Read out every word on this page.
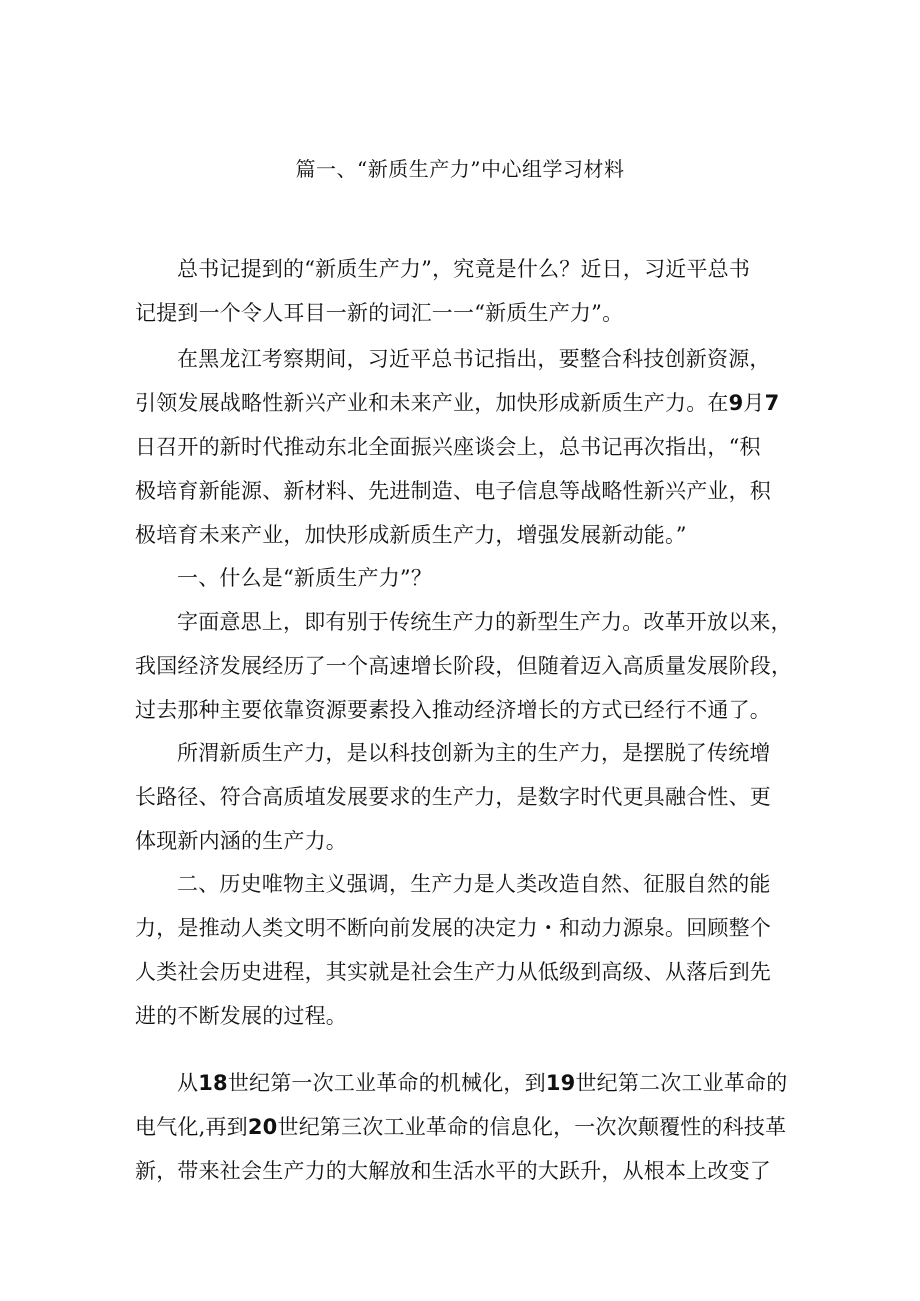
篇一、“新质生产力”中心组学习材料
总书记提到的“新质生产力”，究竟是什么？近日，习近平总书
记提到一个令人耳目一新的词汇一一“新质生产力”。
在黑龙江考察期间，习近平总书记指出，要整合科技创新资源，
引领发展战略性新兴产业和未来产业，加快形成新质生产力。在9月7
日召开的新时代推动东北全面振兴座谈会上，总书记再次指出，“积
极培育新能源、新材料、先进制造、电子信息等战略性新兴产业，积
极培育未来产业，加快形成新质生产力，增强发展新动能。”
一、什么是“新质生产力”？
字面意思上，即有别于传统生产力的新型生产力。改革开放以来，
我国经济发展经历了一个高速增长阶段，但随着迈入高质量发展阶段，
过去那种主要依靠资源要素投入推动经济增长的方式已经行不通了。
所渭新质生产力，是以科技创新为主的生产力，是摆脱了传统增
长路径、符合高质埴发展要求的生产力，是数字时代更具融合性、更
体现新内涵的生产力。
二、历史唯物主义强调，生产力是人类改造自然、征服自然的能
力，是推动人类文明不断向前发展的决定力・和动力源泉。回顾整个
人类社会历史进程，其实就是社会生产力从低级到高级、从落后到先
进的不断发展的过程。
从18世纪第一次工业革命的机械化，到19世纪第二次工业革命的
电气化,再到20世纪第三次工业革命的信息化，一次次颠覆性的科技革
新，带来社会生产力的大解放和生活水平的大跃升，从根本上改变了
